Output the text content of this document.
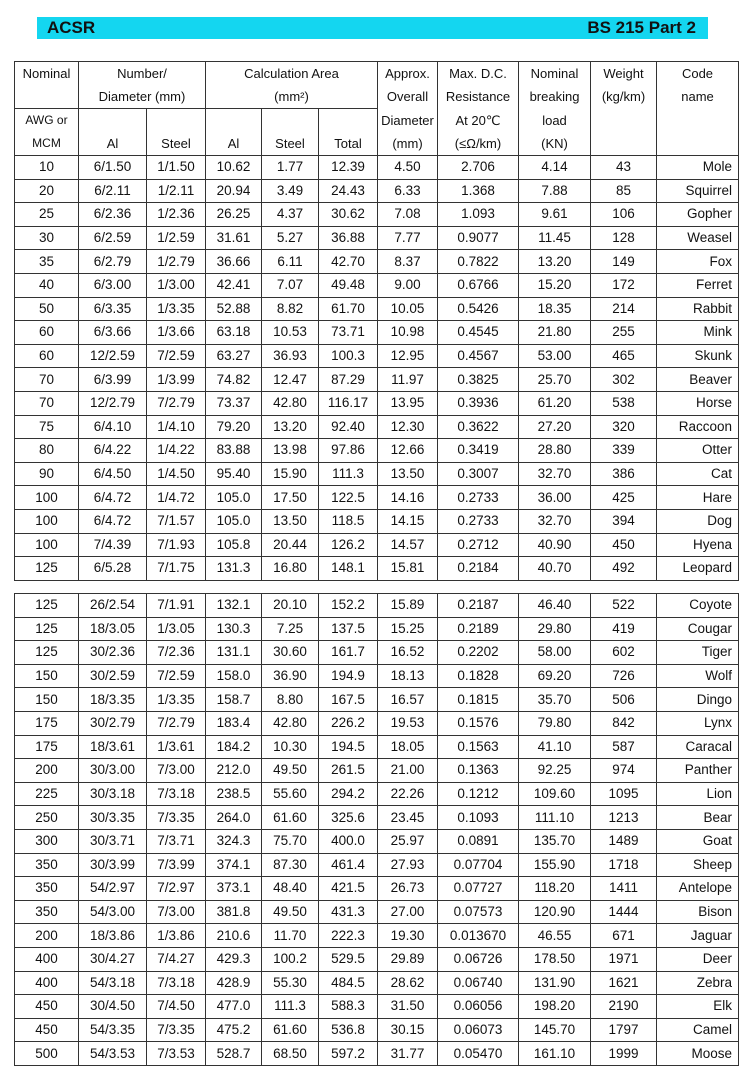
ACSR	BS 215 Part 2
Nominal	Number/		Calculation Area			Approx.	Max. D.C.	Nominal	Weight	Code
	Diameter (mm)		(mm²)			Overall	Resistance	breaking	(kg/km)	name
AWG or						Diameter	At 20℃	load		
MCM	Al	Steel	Al	Steel	Total	(mm)	(≤Ω/km)	(KN)		
10	6/1.50	1/1.50	10.62	1.77	12.39	4.50	2.706	4.14	43	Mole
20	6/2.11	1/2.11	20.94	3.49	24.43	6.33	1.368	7.88	85	Squirrel
25	6/2.36	1/2.36	26.25	4.37	30.62	7.08	1.093	9.61	106	Gopher
30	6/2.59	1/2.59	31.61	5.27	36.88	7.77	0.9077	11.45	128	Weasel
35	6/2.79	1/2.79	36.66	6.11	42.70	8.37	0.7822	13.20	149	Fox
40	6/3.00	1/3.00	42.41	7.07	49.48	9.00	0.6766	15.20	172	Ferret
50	6/3.35	1/3.35	52.88	8.82	61.70	10.05	0.5426	18.35	214	Rabbit
60	6/3.66	1/3.66	63.18	10.53	73.71	10.98	0.4545	21.80	255	Mink
60	12/2.59	7/2.59	63.27	36.93	100.3	12.95	0.4567	53.00	465	Skunk
70	6/3.99	1/3.99	74.82	12.47	87.29	11.97	0.3825	25.70	302	Beaver
70	12/2.79	7/2.79	73.37	42.80	116.17	13.95	0.3936	61.20	538	Horse
75	6/4.10	1/4.10	79.20	13.20	92.40	12.30	0.3622	27.20	320	Raccoon
80	6/4.22	1/4.22	83.88	13.98	97.86	12.66	0.3419	28.80	339	Otter
90	6/4.50	1/4.50	95.40	15.90	111.3	13.50	0.3007	32.70	386	Cat
100	6/4.72	1/4.72	105.0	17.50	122.5	14.16	0.2733	36.00	425	Hare
100	6/4.72	7/1.57	105.0	13.50	118.5	14.15	0.2733	32.70	394	Dog
100	7/4.39	7/1.93	105.8	20.44	126.2	14.57	0.2712	40.90	450	Hyena
125	6/5.28	7/1.75	131.3	16.80	148.1	15.81	0.2184	40.70	492	Leopard
125	26/2.54	7/1.91	132.1	20.10	152.2	15.89	0.2187	46.40	522	Coyote
125	18/3.05	1/3.05	130.3	7.25	137.5	15.25	0.2189	29.80	419	Cougar
125	30/2.36	7/2.36	131.1	30.60	161.7	16.52	0.2202	58.00	602	Tiger
150	30/2.59	7/2.59	158.0	36.90	194.9	18.13	0.1828	69.20	726	Wolf
150	18/3.35	1/3.35	158.7	8.80	167.5	16.57	0.1815	35.70	506	Dingo
175	30/2.79	7/2.79	183.4	42.80	226.2	19.53	0.1576	79.80	842	Lynx
175	18/3.61	1/3.61	184.2	10.30	194.5	18.05	0.1563	41.10	587	Caracal
200	30/3.00	7/3.00	212.0	49.50	261.5	21.00	0.1363	92.25	974	Panther
225	30/3.18	7/3.18	238.5	55.60	294.2	22.26	0.1212	109.60	1095	Lion
250	30/3.35	7/3.35	264.0	61.60	325.6	23.45	0.1093	111.10	1213	Bear
300	30/3.71	7/3.71	324.3	75.70	400.0	25.97	0.0891	135.70	1489	Goat
350	30/3.99	7/3.99	374.1	87.30	461.4	27.93	0.07704	155.90	1718	Sheep
350	54/2.97	7/2.97	373.1	48.40	421.5	26.73	0.07727	118.20	1411	Antelope
350	54/3.00	7/3.00	381.8	49.50	431.3	27.00	0.07573	120.90	1444	Bison
200	18/3.86	1/3.86	210.6	11.70	222.3	19.30	0.013670	46.55	671	Jaguar
400	30/4.27	7/4.27	429.3	100.2	529.5	29.89	0.06726	178.50	1971	Deer
400	54/3.18	7/3.18	428.9	55.30	484.5	28.62	0.06740	131.90	1621	Zebra
450	30/4.50	7/4.50	477.0	111.3	588.3	31.50	0.06056	198.20	2190	Elk
450	54/3.35	7/3.35	475.2	61.60	536.8	30.15	0.06073	145.70	1797	Camel
500	54/3.53	7/3.53	528.7	68.50	597.2	31.77	0.05470	161.10	1999	Moose
